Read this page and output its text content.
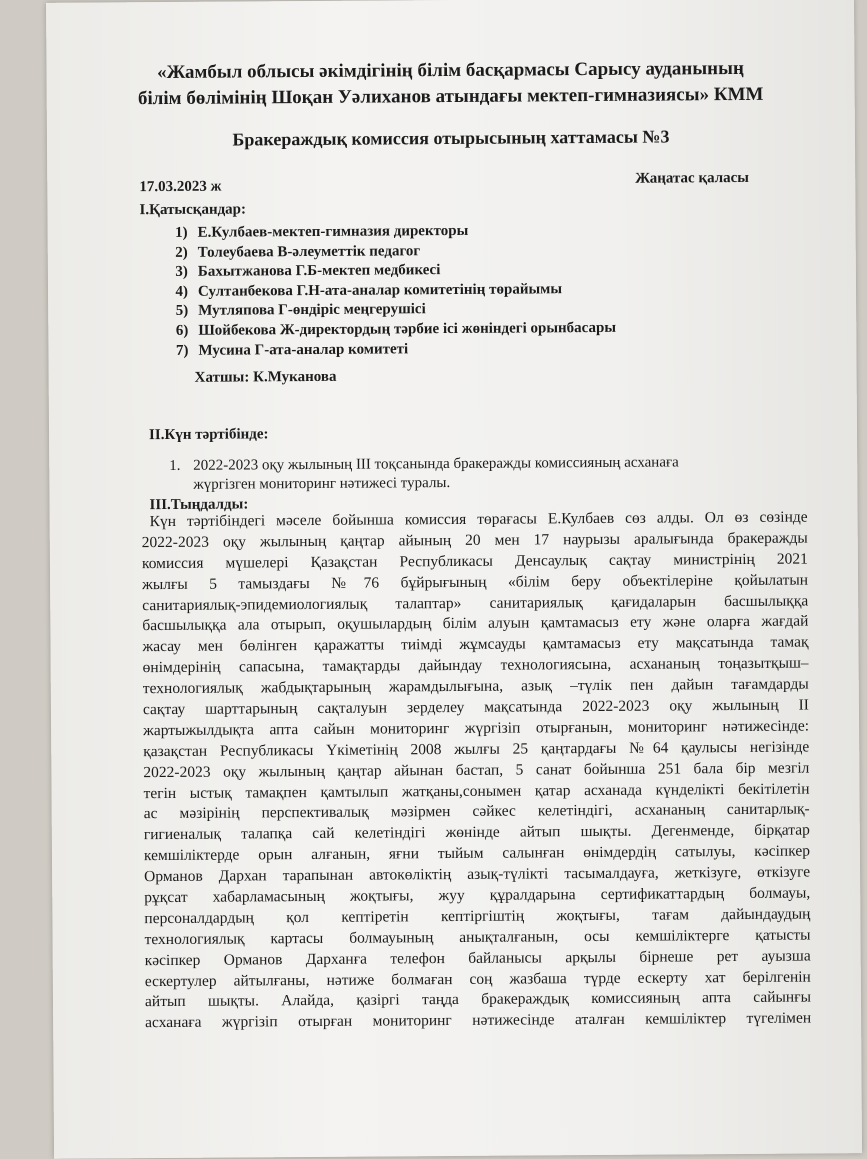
«Жамбыл облысы әкімдігінің білім басқармасы Сарысу ауданының
білім бөлімінің Шоқан Уәлиханов атындағы мектеп-гимназиясы» КММ
Бракераждық комиссия отырысының хаттамасы №3
17.03.2023 ж
Жаңатас қаласы
I.Қатысқандар:
1) Е.Кулбаев-мектеп-гимназия директоры
2) Толеубаева В-әлеуметтік педагог
3) Бахытжанова Г.Б-мектеп медбикесі
4) Султанбекова Г.Н-ата-аналар комитетінің төрайымы
5) Мутляпова Г-өндіріс меңгерушісі
6) Шойбекова Ж-директордың тәрбие ісі жөніндегі орынбасары
7) Мусина Г-ата-аналар комитеті
Хатшы: К.Муканова
II.Күн тәртібінде:
1. 2022-2023 оқу жылының III тоқсанында бракеражды комиссияның асханаға
жүргізген мониторинг нәтижесі туралы.
III.Тыңдалды:
Күн тәртібіндегі мәселе бойынша комиссия төрағасы Е.Кулбаев сөз алды. Ол өз сөзінде
2022-2023 оқу жылының қаңтар айының 20 мен 17 наурызы аралығында бракеражды
комиссия мүшелері Қазақстан Республикасы Денсаулық сақтау министрінің 2021
жылғы 5 тамыздағы №76 бұйрығының «білім беру объектілеріне қойылатын
санитариялық-эпидемиологиялық талаптар» санитариялық қағидаларын басшылыққа
басшылыққа ала отырып, оқушылардың білім алуын қамтамасыз ету және оларға жағдай
жасау мен бөлінген қаражатты тиімді жұмсауды қамтамасыз ету мақсатында тамақ
өнімдерінің сапасына, тамақтарды дайындау технологиясына, асхананың тоңазытқыш–
технологиялық жабдықтарының жарамдылығына, азық –түлік пен дайын тағамдарды
сақтау шарттарының сақталуын зерделеу мақсатында 2022-2023 оқу жылының II
жартыжылдықта апта сайын мониторинг жүргізіп отырғанын, мониторинг нәтижесінде:
қазақстан Республикасы Үкіметінің 2008 жылғы 25 қаңтардағы №64 қаулысы негізінде
2022-2023 оқу жылының қаңтар айынан бастап, 5 санат бойынша 251 бала бір мезгіл
тегін ыстық тамақпен қамтылып жатқаны,сонымен қатар асханада күнделікті бекітілетін
ас мәзірінің перспективалық мәзірмен сәйкес келетіндігі, асхананың санитарлық-
гигиеналық талапқа сай келетіндігі жөнінде айтып шықты. Дегенменде, бірқатар
кемшіліктерде орын алғанын, яғни тыйым салынған өнімдердің сатылуы, кәсіпкер
Орманов Дархан тарапынан автокөліктің азық-түлікті тасымалдауға, жеткізуге, өткізуге
рұқсат хабарламасының жоқтығы, жуу құралдарына сертификаттардың болмауы,
персоналдардың қол кептіретін кептіргіштің жоқтығы, тағам дайындаудың
технологиялық картасы болмауының анықталғанын, осы кемшіліктерге қатысты
кәсіпкер Орманов Дарханға телефон байланысы арқылы бірнеше рет ауызша
ескертулер айтылғаны, нәтиже болмаған соң жазбаша түрде ескерту хат берілгенін
айтып шықты. Алайда, қазіргі таңда бракераждық комиссияның апта сайынғы
асханаға жүргізіп отырған мониторинг нәтижесінде аталған кемшіліктер түгелімен
